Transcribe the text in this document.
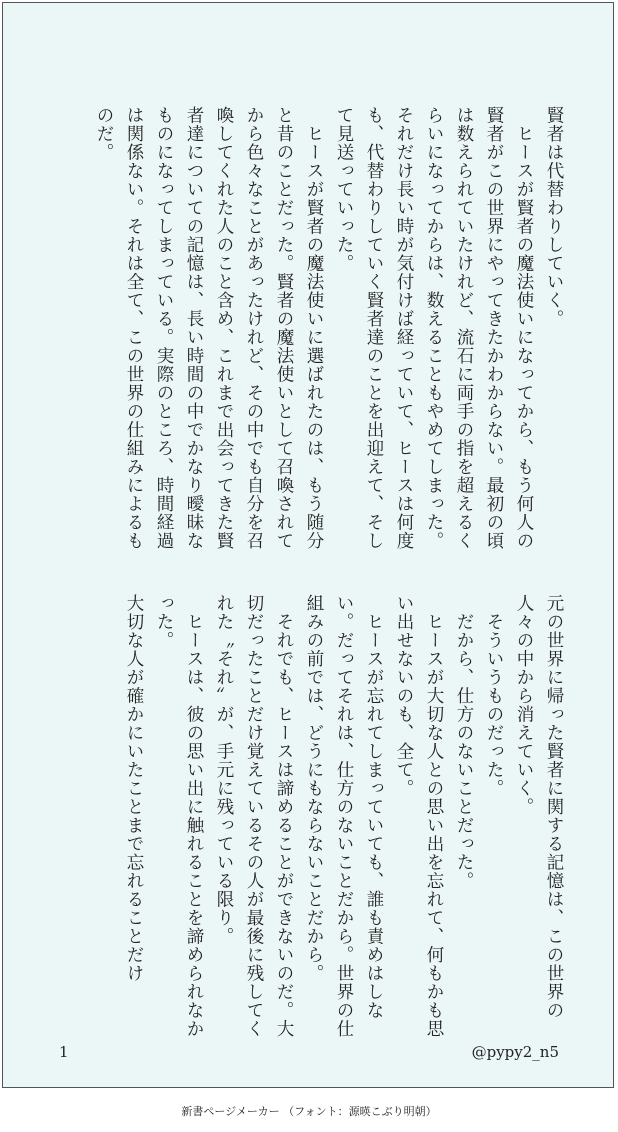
賢者は代替わりしていく。
　ヒースが賢者の魔法使いになってから、もう何人の賢者がこの世界にやってきたかわからない。最初の頃は数えられていたけれど、流石に両手の指を超えるくらいになってからは、数えることもやめてしまった。それだけ長い時が気付けば経っていて、ヒースは何度も、代替わりしていく賢者達のことを出迎えて、そして見送っていった。
　ヒースが賢者の魔法使いに選ばれたのは、もう随分と昔のことだった。賢者の魔法使いとして召喚されてから色々なことがあったけれど、その中でも自分を召喚してくれた人のこと含め、これまで出会ってきた賢者達についての記憶は、長い時間の中でかなり曖昧なものになってしまっている。実際のところ、時間経過は関係ない。それは全て、この世界の仕組みによるものだ。
元の世界に帰った賢者に関する記憶は、この世界の人々の中から消えていく。
　そういうものだった。
　だから、仕方のないことだった。
　ヒースが大切な人との思い出を忘れて、何もかも思い出せないのも、全て。
　ヒースが忘れてしまっていても、誰も責めはしない。だってそれは、仕方のないことだから。世界の仕組みの前では、どうにもならないことだから。
　それでも、ヒースは諦めることができないのだ。大切だったことだけ覚えているその人が最後に残してくれた〝それ〟が、手元に残っている限り。
　ヒースは、彼の思い出に触れることを諦められなかった。
大切な人が確かにいたことまで忘れることだけ
1	@pypy2_n5
新書ページメーカー （フォント：源暎こぶり明朝）
